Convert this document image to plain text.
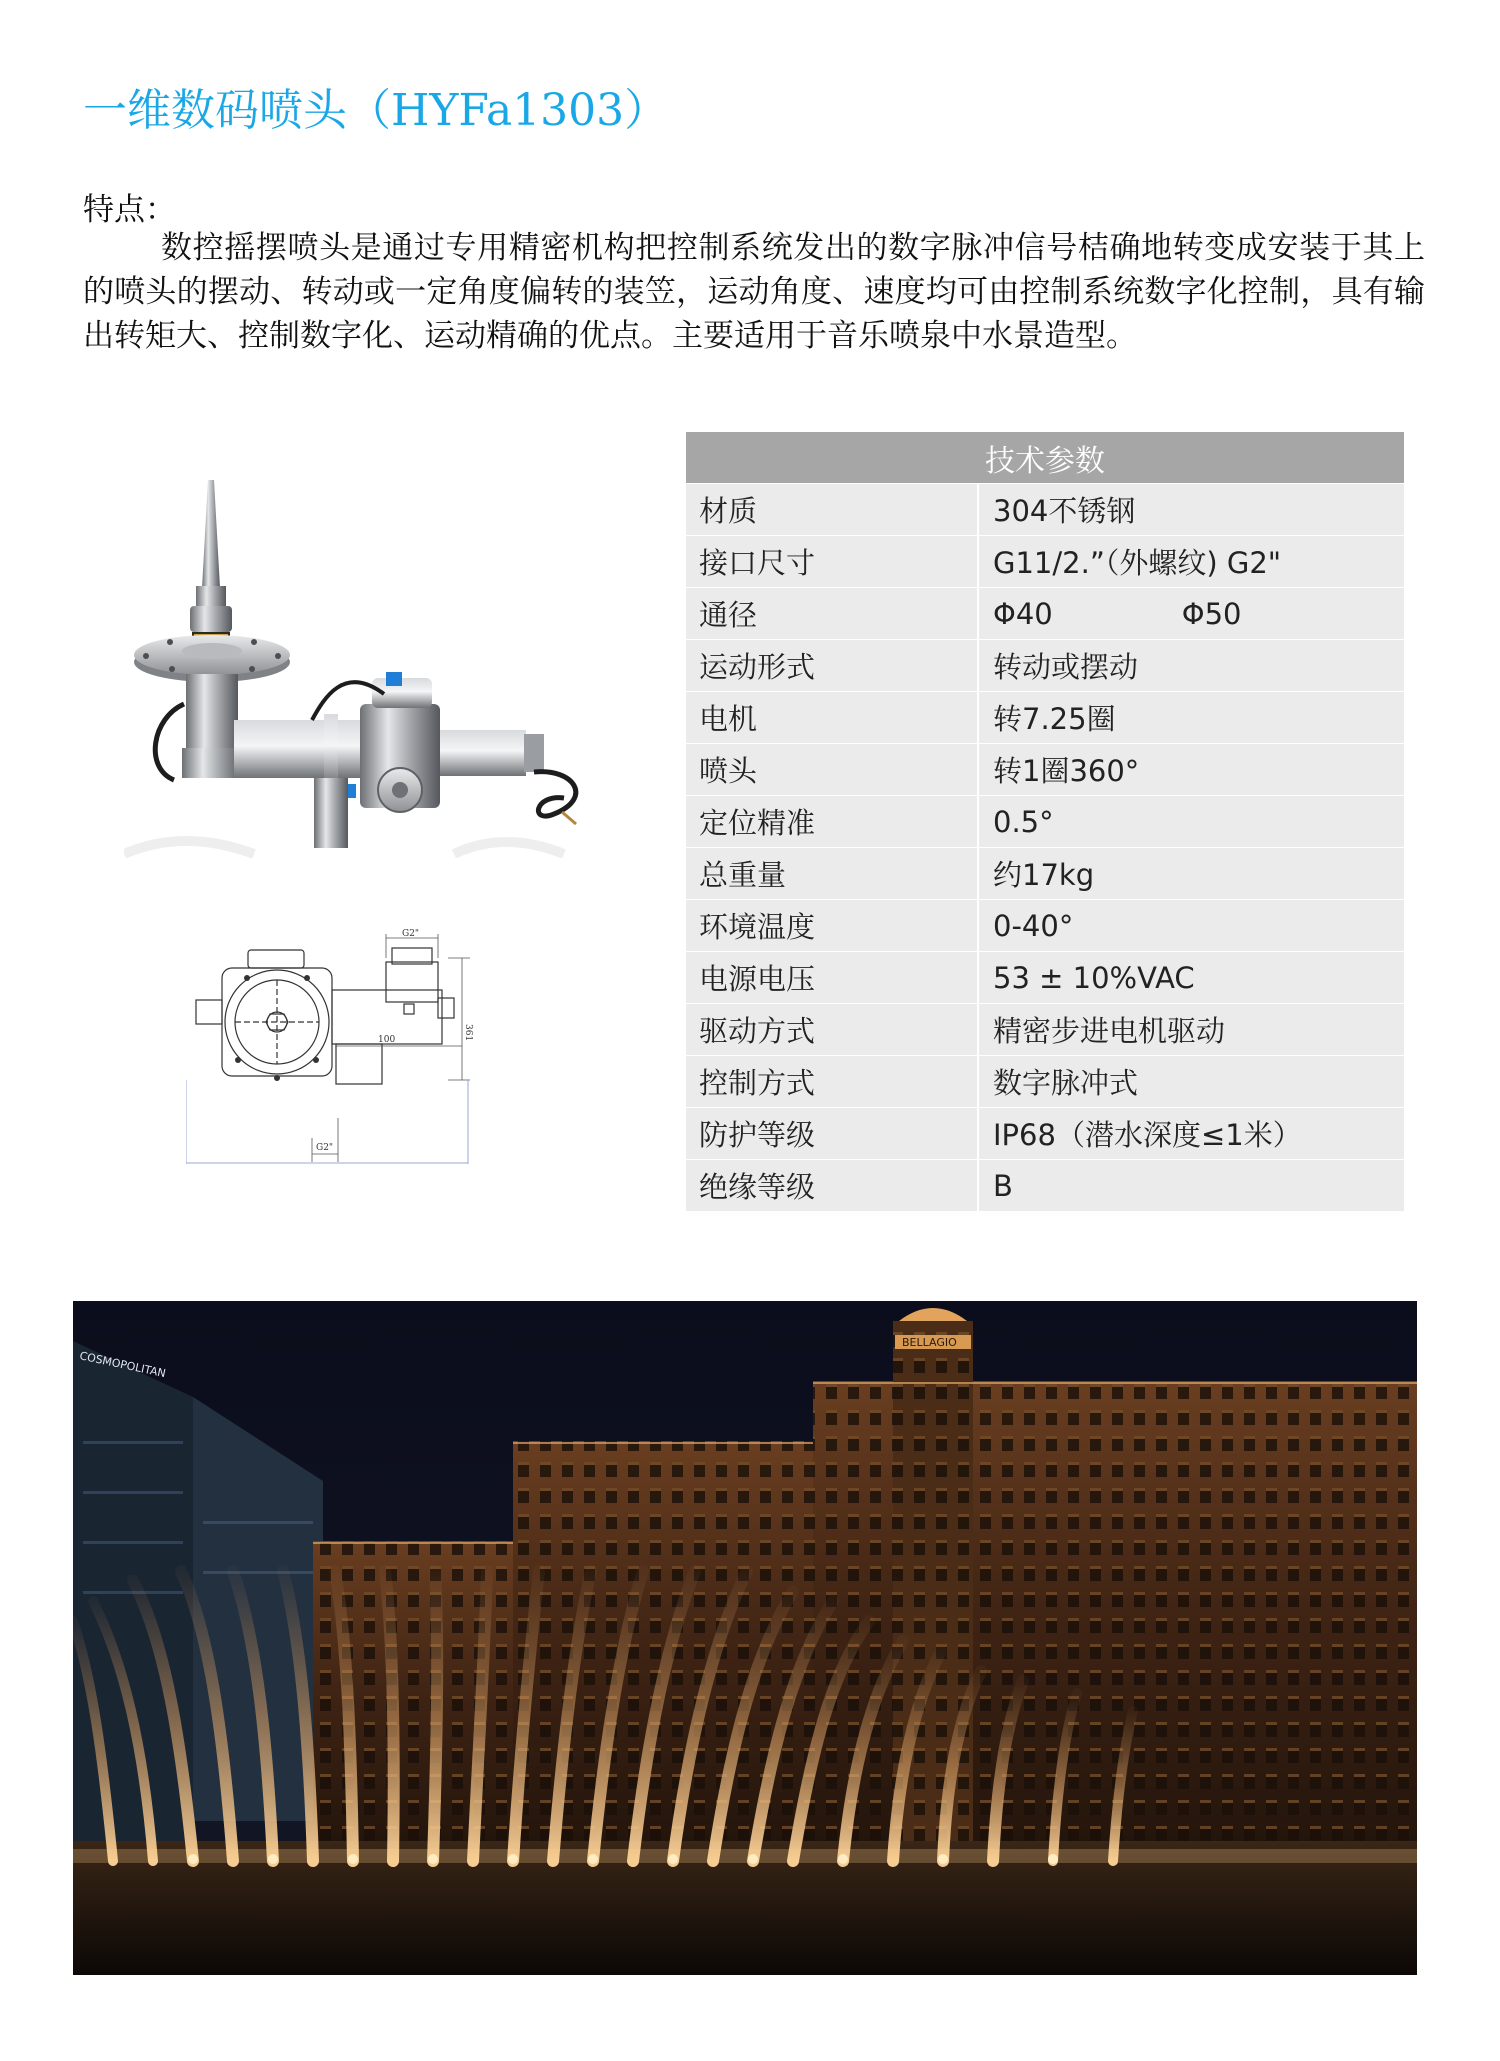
一维数码喷头（HYFa1303）
特点：

数控摇摆喷头是通过专用精密机构把控制系统发出的数字脉冲信号桔确地转变成安装于其上的喷头的摆动、转动或一定角度偏转的装笠，运动角度、速度均可由控制系统数字化控制，具有输出转矩大、控制数字化、运动精确的优点。主要适用于音乐喷泉中水景造型。

G2"
100	361
G2"
技术参数	
材质	304不锈钢
接口尺寸	G11/2.”（外螺纹) G2"
通径	Φ40              Φ50
运动形式	转动或摆动
电机	转7.25圈
喷头	转1圈360°
定位精准	0.5°
总重量	约17kg
环境温度	0-40°
电源电压	53 ± 10%VAC
驱动方式	精密步进电机驱动
控制方式	数字脉冲式
防护等级	IP68（潜水深度≤1米）
绝缘等级	B
COSMOPOLITAN
BELLAGIO
